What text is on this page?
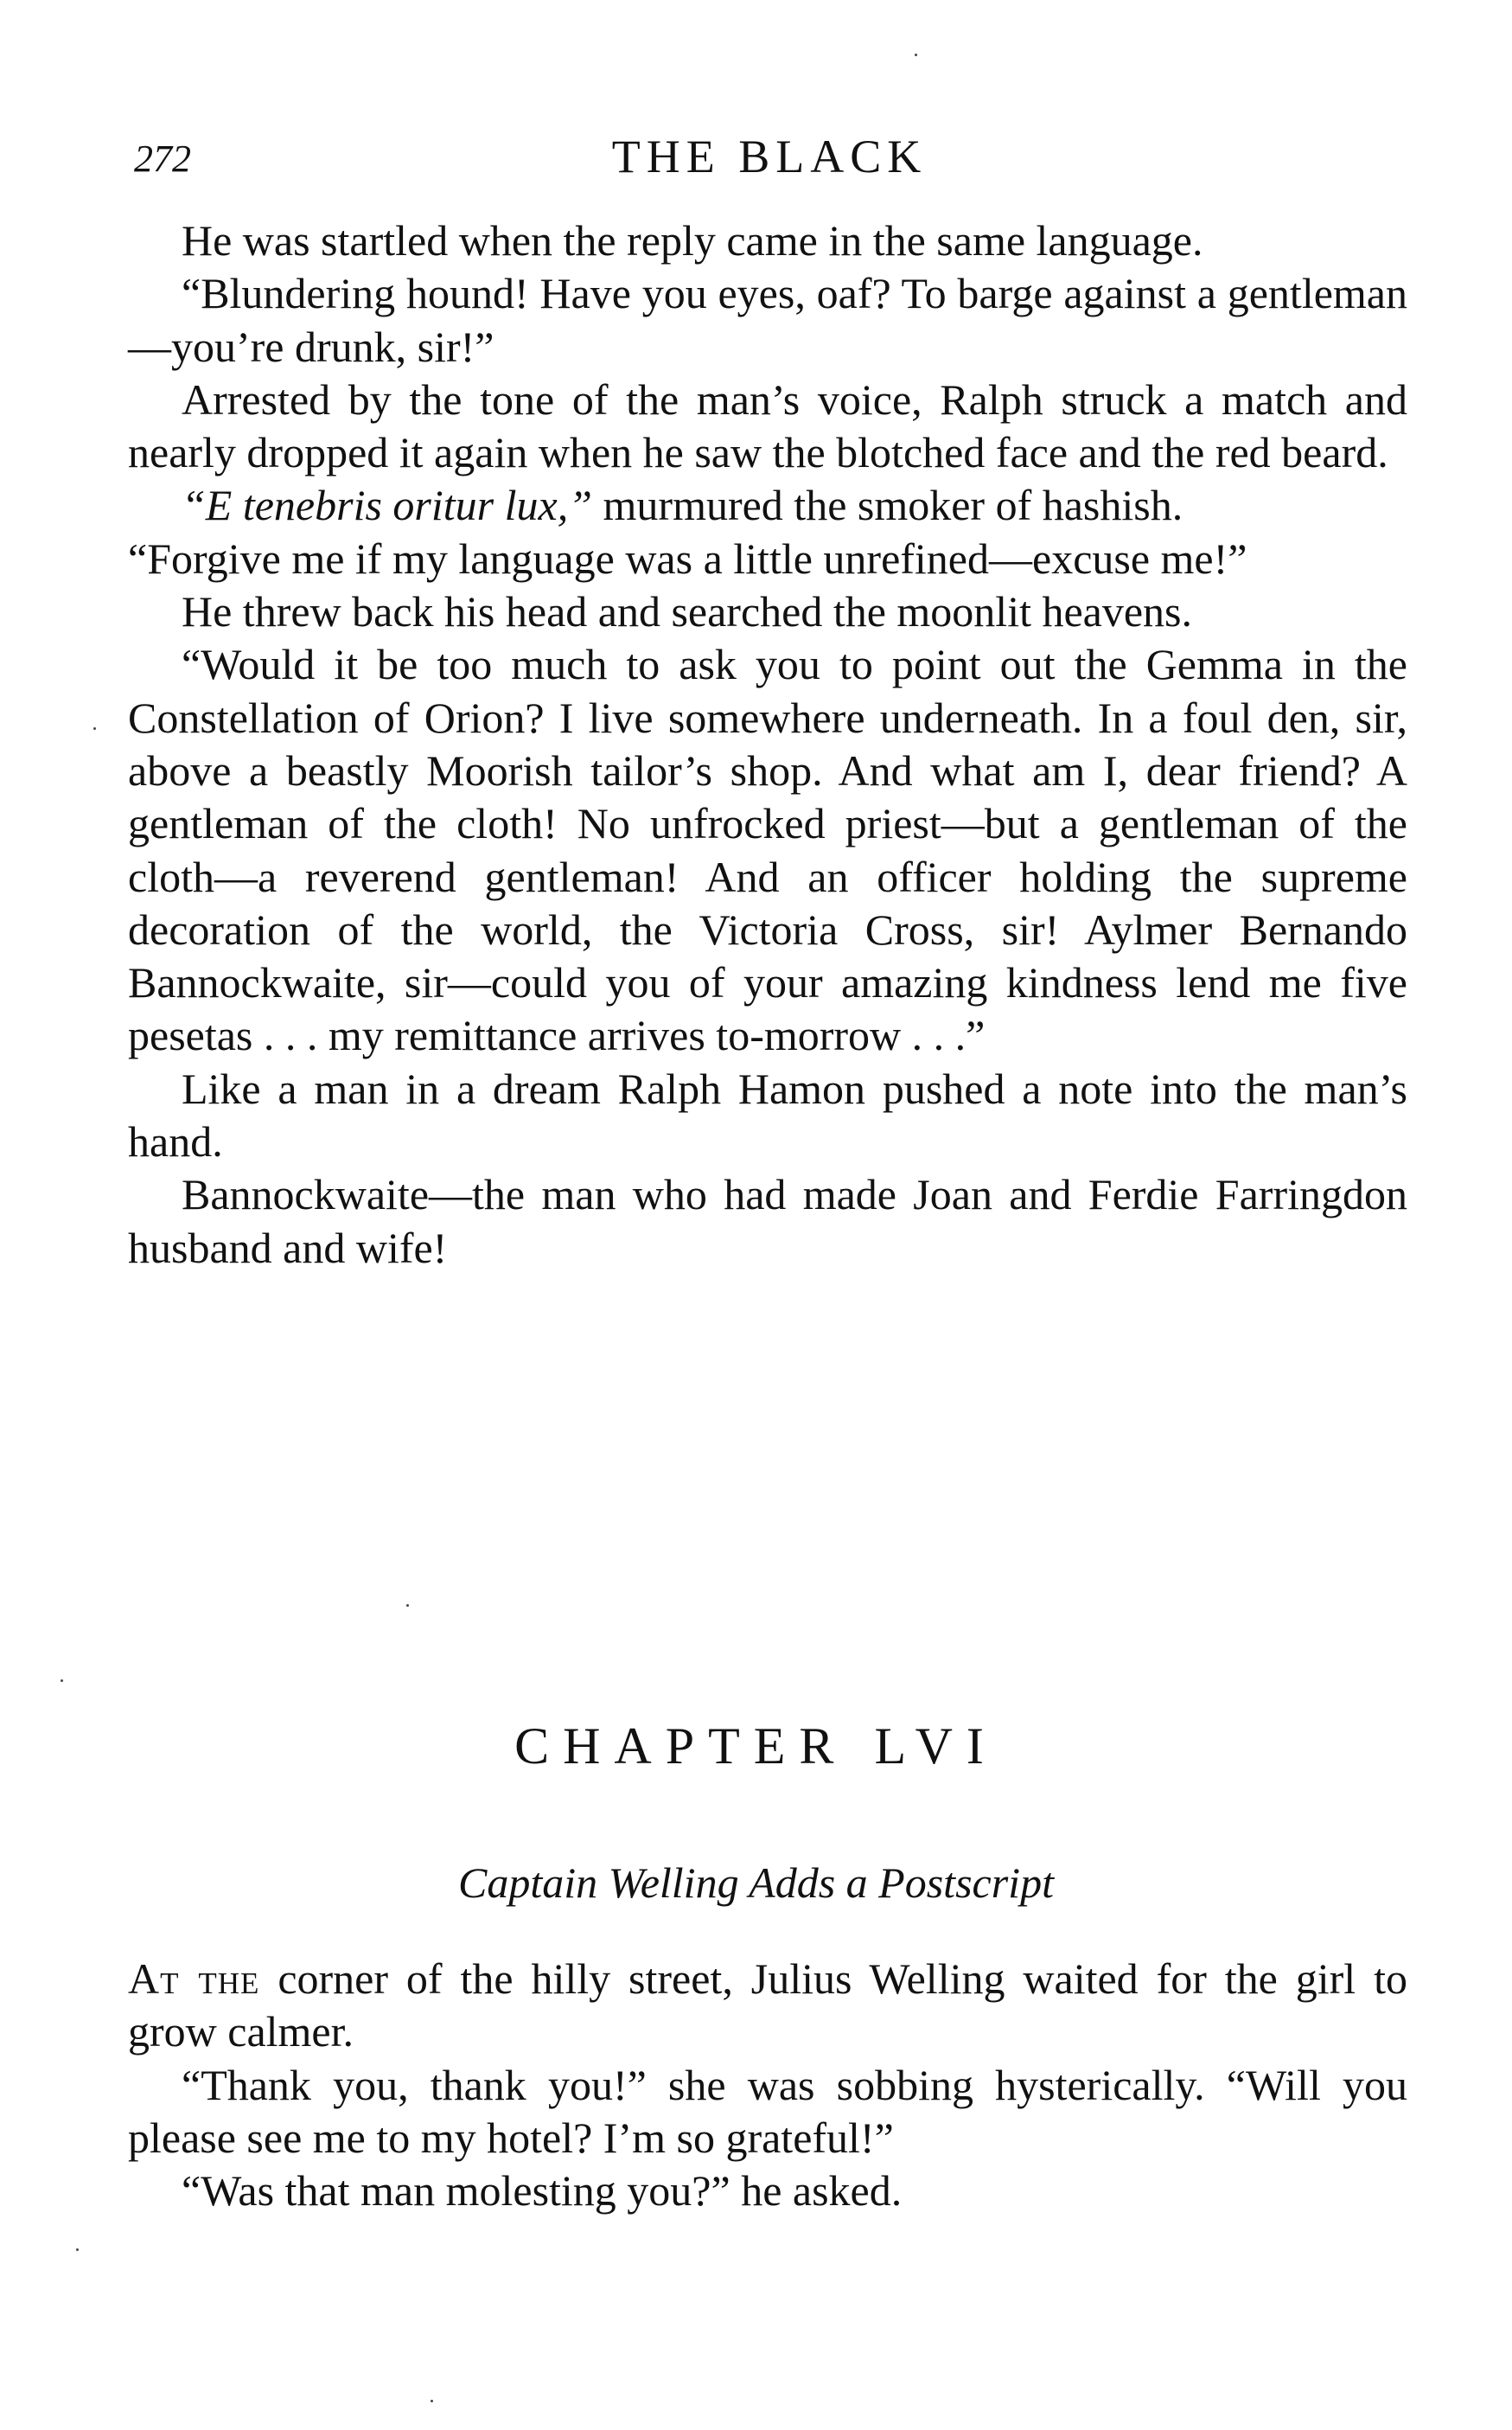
272	THE BLACK

He was startled when the reply came in the same language.

“Blundering hound! Have you eyes, oaf? To barge against a gentleman—you’re drunk, sir!”

Arrested by the tone of the man’s voice, Ralph struck a match and nearly dropped it again when he saw the blotched face and the red beard.

“E tenebris oritur lux,” murmured the smoker of hashish.

“Forgive me if my language was a little unrefined—excuse me!”

He threw back his head and searched the moonlit heavens.

“Would it be too much to ask you to point out the Gemma in the Constellation of Orion? I live somewhere underneath. In a foul den, sir, above a beastly Moorish tailor’s shop. And what am I, dear friend? A gentleman of the cloth! No unfrocked priest—but a gentleman of the cloth—a reverend gentleman! And an officer holding the supreme decoration of the world, the Victoria Cross, sir! Aylmer Bernando Bannockwaite, sir—could you of your amazing kindness lend me five pesetas . . . my remittance arrives to-morrow . . .”

Like a man in a dream Ralph Hamon pushed a note into the man’s hand.

Bannockwaite—the man who had made Joan and Ferdie Farringdon husband and wife!

CHAPTER LVI
Captain Welling Adds a Postscript

At the corner of the hilly street, Julius Welling waited for the girl to grow calmer.

“Thank you, thank you!” she was sobbing hysterically. “Will you please see me to my hotel? I’m so grateful!”

“Was that man molesting you?” he asked.
